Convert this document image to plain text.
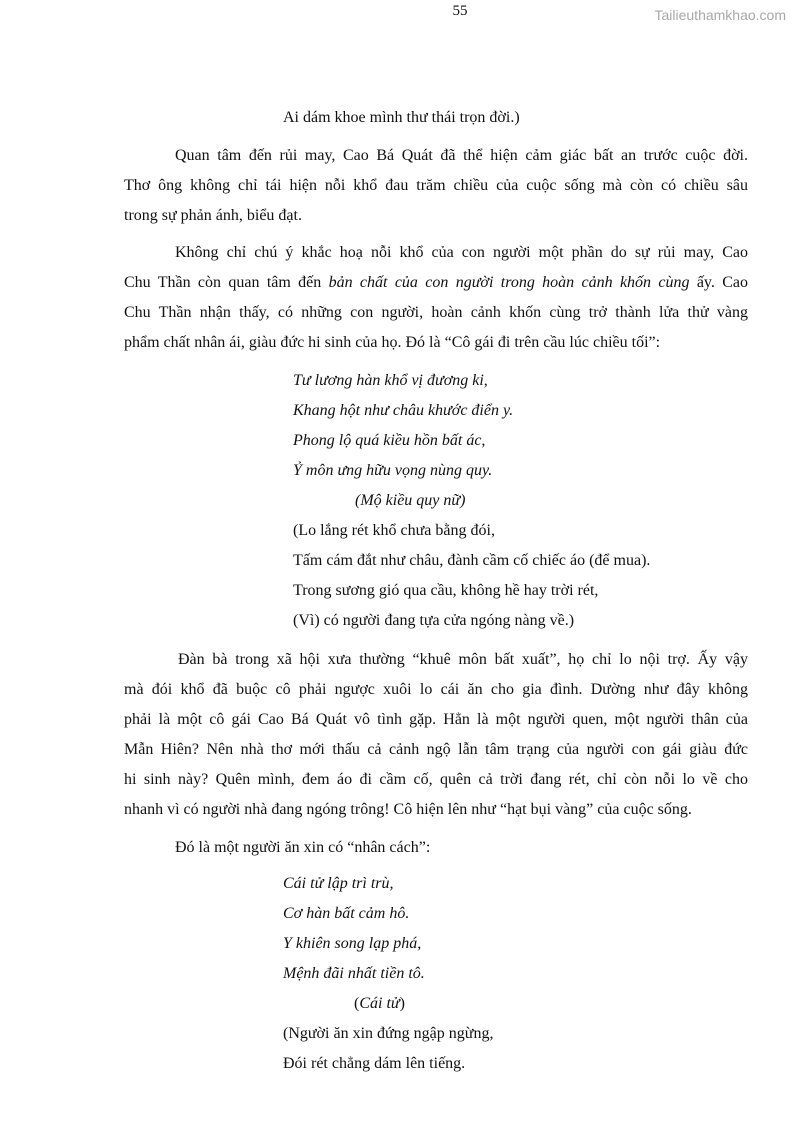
55	Tailieuthamkhao.com
Ai dám khoe mình thư thái trọn đời.)
Quan tâm đến rủi may, Cao Bá Quát đã thể hiện cảm giác bất an trước cuộc đời.
Thơ ông không chỉ tái hiện nỗi khổ đau trăm chiều của cuộc sống mà còn có chiều sâu
trong sự phản ánh, biểu đạt.
Không chỉ chú ý khắc hoạ nỗi khổ của con người một phần do sự rủi may, Cao
Chu Thần còn quan tâm đến bản chất của con người trong hoàn cảnh khốn cùng ấy. Cao
Chu Thần nhận thấy, có những con người, hoàn cảnh khốn cùng trở thành lửa thử vàng
phẩm chất nhân ái, giàu đức hi sinh của họ. Đó là “Cô gái đi trên cầu lúc chiều tối”:
Tư lương hàn khổ vị đương ki,
Khang hột như châu khước điển y.
Phong lộ quá kiều hồn bất ác,
Ỷ môn ưng hữu vọng nùng quy.
(Mộ kiều quy nữ)
(Lo lắng rét khổ chưa bằng đói,
Tấm cám đắt như châu, đành cầm cố chiếc áo (để mua).
Trong sương gió qua cầu, không hề hay trời rét,
(Vì) có người đang tựa cửa ngóng nàng về.)
Đàn bà trong xã hội xưa thường “khuê môn bất xuất”, họ chỉ lo nội trợ. Ấy vậy
mà đói khổ đã buộc cô phải ngược xuôi lo cái ăn cho gia đình. Dường như đây không
phải là một cô gái Cao Bá Quát vô tình gặp. Hẳn là một người quen, một người thân của
Mẫn Hiên? Nên nhà thơ mới thấu cả cảnh ngộ lẫn tâm trạng của người con gái giàu đức
hi sinh này? Quên mình, đem áo đi cầm cố, quên cả trời đang rét, chỉ còn nỗi lo về cho
nhanh vì có người nhà đang ngóng trông! Cô hiện lên như “hạt bụi vàng” của cuộc sống.
Đó là một người ăn xin có “nhân cách”:
Cái tử lập trì trù,
Cơ hàn bất cảm hô.
Y khiên song lạp phá,
Mệnh đãi nhất tiền tô.
(Cái tử)
(Người ăn xin đứng ngập ngừng,
Đói rét chẳng dám lên tiếng.
